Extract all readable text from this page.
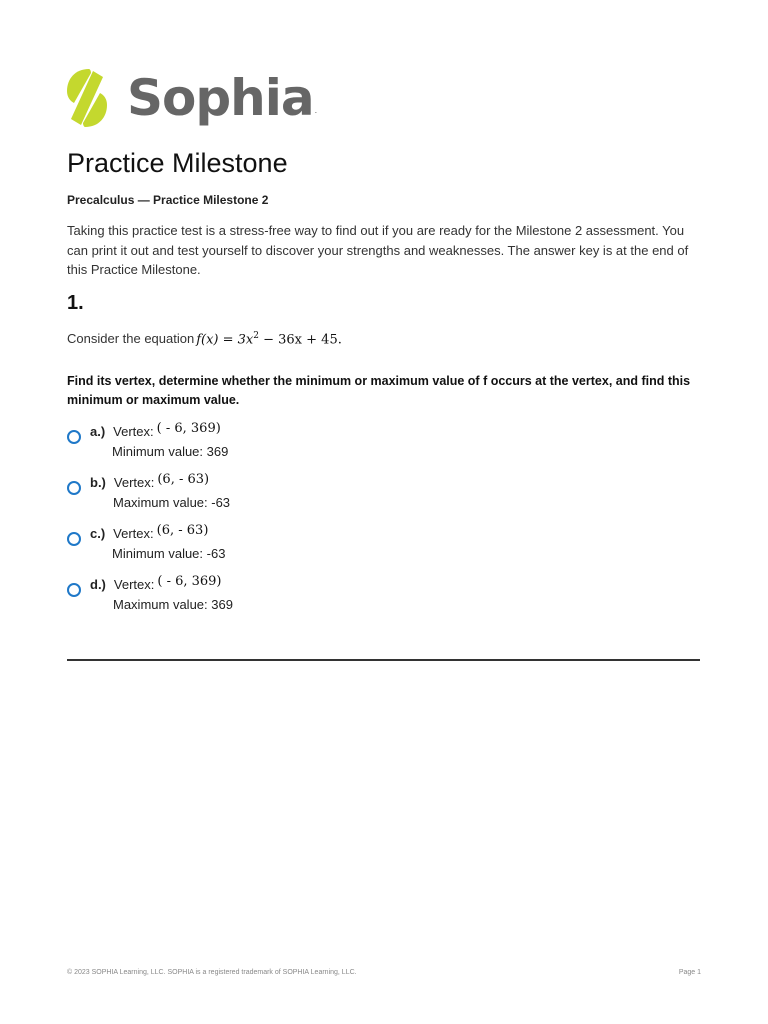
Sophia .
Practice Milestone
Precalculus — Practice Milestone 2
Taking this practice test is a stress-free way to find out if you are ready for the Milestone 2 assessment. You
can print it out and test yourself to discover your strengths and weaknesses. The answer key is at the end of
this Practice Milestone.
1.
Consider the equation $f(x) = 3x^2 - 36x + 45$.
Find its vertex, determine whether the minimum or maximum value of f occurs at the vertex, and find this
minimum or maximum value.
a.) Vertex: ( - 6, 369)
Minimum value: 369
b.) Vertex: (6, - 63)
Maximum value: -63
c.) Vertex: (6, - 63)
Minimum value: -63
d.) Vertex: ( - 6, 369)
Maximum value: 369
© 2023 SOPHIA Learning, LLC. SOPHIA is a registered trademark of SOPHIA Learning, LLC.	Page 1
